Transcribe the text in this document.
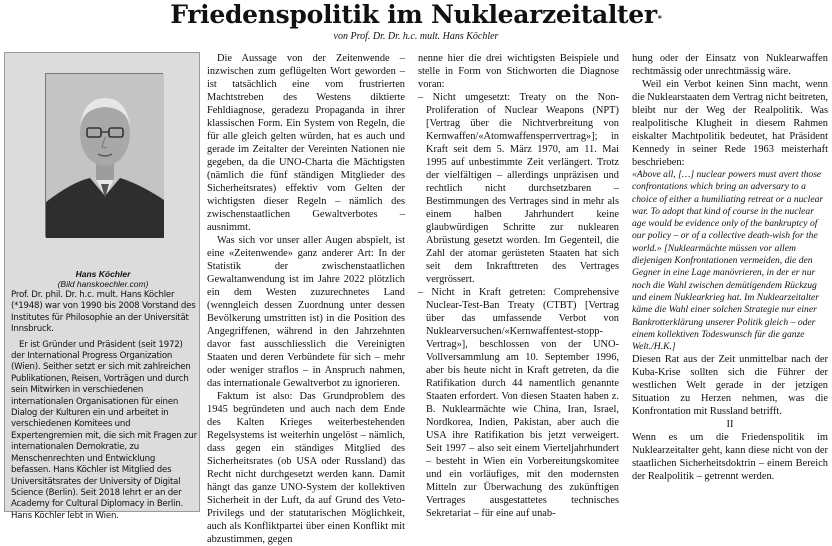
Friedenspolitik im Nuklearzeitalter*
von Prof. Dr. Dr. h.c. mult. Hans Köchler
Hans Köchler
(Bild hanskoechler.com)

Prof. Dr. phil. Dr. h.c. mult. Hans Köchler (*1948) war von 1990 bis 2008 Vorstand des Institutes für Philosophie an der Universität Innsbruck.

Er ist Gründer und Präsident (seit 1972) der International Progress Organization (Wien). Seither setzt er sich mit zahlreichen Publikationen, Reisen, Vorträgen und durch sein Mitwirken in verschiedenen internationalen Organisationen für einen Dialog der Kulturen ein und arbeitet in verschiedenen Komitees und Expertengremien mit, die sich mit Fragen zur internationalen Demokratie, zu Menschenrechten und Entwicklung befassen. Hans Köchler ist Mitglied des Universitätsrates der University of Digital Science (Berlin). Seit 2018 lehrt er an der Academy for Cultural Diplomacy in Berlin. Hans Köchler lebt in Wien.

Die Aussage von der Zeitenwende – inzwischen zum geflügelten Wort geworden – ist tatsächlich eine vom frustrierten Machtstreben des Westens diktierte Fehldiagnose, geradezu Propaganda in ihrer klassischen Form. Ein System von Regeln, die für alle gleich gelten würden, hat es auch und gerade im Zeitalter der Vereinten Nationen nie gegeben, da die UNO-Charta die Mächtigsten (nämlich die fünf ständigen Mitglieder des Sicherheitsrates) effektiv vom Gelten der wichtigsten dieser Regeln – nämlich des zwischenstaatlichen Gewaltverbotes – ausnimmt.

Was sich vor unser aller Augen abspielt, ist eine «Zeitenwende» ganz anderer Art: In der Statistik der zwischenstaatlichen Gewaltanwendung ist im Jahre 2022 plötzlich ein dem Westen zuzurechnetes Land (wenngleich dessen Zuordnung unter dessen Bevölkerung umstritten ist) in die Position des Angegriffenen, während in den Jahrzehnten davor fast ausschliesslich die Vereinigten Staaten und deren Verbündete für sich – mehr oder weniger straflos – in Anspruch nahmen, das internationale Gewaltverbot zu ignorieren.

Faktum ist also: Das Grundproblem des 1945 begründeten und auch nach dem Ende des Kalten Krieges weiterbestehenden Regelsystems ist weiterhin ungelöst – nämlich, dass gegen ein ständiges Mitglied des Sicherheitsrates (ob USA oder Russland) das Recht nicht durchgesetzt werden kann. Damit hängt das ganze UNO-System der kollektiven Sicherheit in der Luft, da auf Grund des Veto-Privilegs und der statutarischen Möglichkeit, auch als Konfliktpartei über einen Konflikt mit abzustimmen, gegen

nenne hier die drei wichtigsten Beispiele und stelle in Form von Stichworten die Diagnose voran:

– Nicht umgesetzt: Treaty on the Non-Proliferation of Nuclear Weapons (NPT) [Vertrag über die Nichtverbreitung von Kernwaffen/«Atomwaffensperrvertrag»]; in Kraft seit dem 5. März 1970, am 11. Mai 1995 auf unbestimmte Zeit verlängert. Trotz der vielfältigen – allerdings unpräzisen und rechtlich nicht durchsetzbaren – Bestimmungen des Vertrages sind in mehr als einem halben Jahrhundert keine glaubwürdigen Schritte zur nuklearen Abrüstung gesetzt worden. Im Gegenteil, die Zahl der atomar gerüsteten Staaten hat sich seit dem Inkrafttreten des Vertrages vergrössert.

– Nicht in Kraft getreten: Comprehensive Nuclear-Test-Ban Treaty (CTBT) [Vertrag über das umfassende Verbot von Nuklearversuchen/«Kernwaffentest-stopp-Vertrag»], beschlossen von der UNO-Vollversammlung am 10. September 1996, aber bis heute nicht in Kraft getreten, da die Ratifikation durch 44 namentlich genannte Staaten erfordert. Von diesen Staaten haben z. B. Nuklearmächte wie China, Iran, Israel, Nordkorea, Indien, Pakistan, aber auch die USA ihre Ratifikation bis jetzt verweigert. Seit 1997 – also seit einem Vierteljahrhundert – besteht in Wien ein Vorbereitungskomitee und ein vorläufiges, mit den modernsten Mitteln zur Überwachung des zukünftigen Vertrages ausgestattetes technisches Sekretariat – für eine auf unab-

hung oder der Einsatz von Nuklearwaffen rechtmässig oder unrechtmässig wäre.

Weil ein Verbot keinen Sinn macht, wenn die Nuklearstaaten dem Vertrag nicht beitreten, bleibt nur der Weg der Realpolitik. Was realpolitische Klugheit in diesem Rahmen eiskalter Machtpolitik bedeutet, hat Präsident Kennedy in seiner Rede 1963 meisterhaft beschrieben:

«Above all, […] nuclear powers must avert those confrontations which bring an adversary to a choice of either a humiliating retreat or a nuclear war. To adopt that kind of course in the nuclear age would be evidence only of the bankruptcy of our policy – or of a collective death-wish for the world.» [Nuklearmächte müssen vor allem diejenigen Konfrontationen vermeiden, die den Gegner in eine Lage manövrieren, in der er nur noch die Wahl zwischen demütigendem Rückzug und einem Nuklearkrieg hat. Im Nuklearzeitalter käme die Wahl einer solchen Strategie nur einer Bankrotterklärung unserer Politik gleich – oder einem kollektiven Todeswunsch für die ganze Welt./H.K.]

Diesen Rat aus der Zeit unmittelbar nach der Kuba-Krise sollten sich die Führer der westlichen Welt gerade in der jetzigen Situation zu Herzen nehmen, was die Konfrontation mit Russland betrifft.

II

Wenn es um die Friedenspolitik im Nuklearzeitalter geht, kann diese nicht von der staatlichen Sicherheitsdoktrin – einem Bereich der Realpolitik – getrennt werden.
